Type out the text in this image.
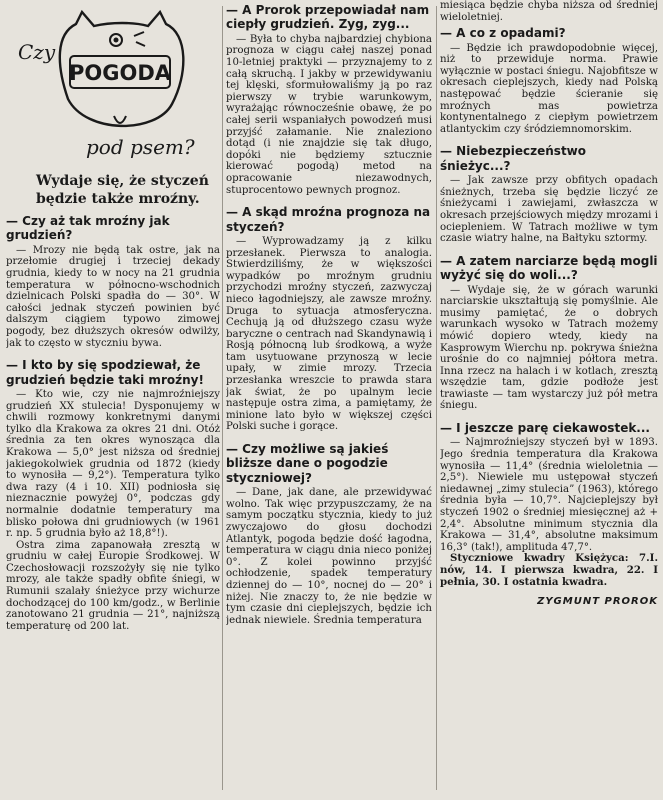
Czy
POGODA
pod psem?
Wydaje się, że styczeń będzie także mroźny.
— Czy aż tak mroźny jak grudzień?

— Mrozy nie będą tak ostre, jak na przełomie drugiej i trzeciej dekady grudnia, kiedy to w nocy na 21 grudnia temperatura w północno-wschodnich dzielnicach Polski spadła do — 30°. W całości jednak styczeń powinien być dalszym ciągiem typowo zimowej pogody, bez dłuższych okresów odwilży, jak to często w styczniu bywa.

— I kto by się spodziewał, że grudzień będzie taki mroźny!

— Kto wie, czy nie najmroźniejszy grudzień XX stulecia! Dysponujemy w chwili rozmowy konkretnymi danymi tylko dla Krakowa za okres 21 dni. Otóż średnia za ten okres wynosząca dla Krakowa — 5,0° jest niższa od średniej jakiegokolwiek grudnia od 1872 (kiedy to wynosiła — 9,2°). Temperatura tylko dwa razy (4 i 10. XII) podniosła się nieznacznie powyżej 0°, podczas gdy normalnie dodatnie temperatury ma blisko połowa dni grudniowych (w 1961 r. np. 5 grudnia było aż 18,8°!).

Ostra zima zapanowała zresztą w grudniu w całej Europie Środkowej. W Czechosłowacji rozszożyły się nie tylko mrozy, ale także spadły obfite śniegi, w Rumunii szalały śnieżyce przy wichurze dochodzącej do 100 km/godz., w Berlinie zanotowano 21 grudnia — 21°, najniższą temperaturę od 200 lat.

— A Prorok przepowiadał nam ciepły grudzień. Zyg, zyg...

— Była to chyba najbardziej chybiona prognoza w ciągu całej naszej ponad 10-letniej praktyki — przyznajemy to z całą skruchą. I jakby w przewidywaniu tej klęski, sformułowaliśmy ją po raz pierwszy w trybie warunkowym, wyrażając równocześnie obawę, że po całej serii wspaniałych powodzeń musi przyjść załamanie. Nie znaleziono dotąd (i nie znajdzie się tak długo, dopóki nie będziemy sztucznie kierować pogodą) metod na opracowanie niezawodnych, stuprocentowo pewnych prognoz.

— A skąd mroźna prognoza na styczeń?

— Wyprowadzamy ją z kilku przesłanek. Pierwsza to analogia. Stwierdziliśmy, że w większości wypadków po mroźnym grudniu przychodzi mroźny styczeń, zazwyczaj nieco łagodniejszy, ale zawsze mroźny. Druga to sytuacja atmosferyczna. Cechują ją od dłuższego czasu wyże baryczne o centrach nad Skandynawią i Rosją północną lub środkową, a wyże tam usytuowane przynoszą w lecie upały, w zimie mrozy. Trzecia przesłanka wreszcie to prawda stara jak świat, że po upalnym lecie następuje ostra zima, a pamiętamy, że minione lato było w większej części Polski suche i gorące.

— Czy możliwe są jakieś bliższe dane o pogodzie styczniowej?

— Dane, jak dane, ale przewidywać wolno. Tak więc przypuszczamy, że na samym początku stycznia, kiedy to już zwyczajowo do głosu dochodzi Atlantyk, pogoda będzie dość łagodna, temperatura w ciągu dnia nieco poniżej 0°. Z kolei powinno przyjść ochłodzenie, spadek temperatury dziennej do — 10°, nocnej do — 20° i niżej. Nie znaczy to, że nie będzie w tym czasie dni cieplejszych, będzie ich jednak niewiele. Średnia temperatura

miesiąca będzie chyba niższa od średniej wieloletniej.

— A co z opadami?

— Będzie ich prawdopodobnie więcej, niż to przewiduje norma. Prawie wyłącznie w postaci śniegu. Najobfitsze w okresach cieplejszych, kiedy nad Polską następować będzie ścieranie się mroźnych mas powietrza kontynentalnego z ciepłym powietrzem atlantyckim czy śródziemnomorskim.

— Niebezpieczeństwo śnieżyc...?

— Jak zawsze przy obfitych opadach śnieżnych, trzeba się będzie liczyć ze śnieżycami i zawiejami, zwłaszcza w okresach przejściowych między mrozami i ociepleniem. W Tatrach możliwe w tym czasie wiatry halne, na Bałtyku sztormy.

— A zatem narciarze będą mogli wyżyć się do woli...?

— Wydaje się, że w górach warunki narciarskie ukształtują się pomyślnie. Ale musimy pamiętać, że o dobrych warunkach wysoko w Tatrach możemy mówić dopiero wtedy, kiedy na Kasprowym Wierchu np. pokrywa śnieżna urośnie do co najmniej półtora metra. Inna rzecz na halach i w kotlach, zresztą wszędzie tam, gdzie podłoże jest trawiaste — tam wystarczy już pół metra śniegu.

— I jeszcze parę ciekawostek...

— Najmroźniejszy styczeń był w 1893. Jego średnia temperatura dla Krakowa wynosiła — 11,4° (średnia wieloletnia — 2,5°). Niewiele mu ustępował styczeń niedawnej „zimy stulecia” (1963), którego średnia była — 10,7°. Najcieplejszy był styczeń 1902 o średniej miesięcznej aż + 2,4°. Absolutne minimum stycznia dla Krakowa — 31,4°, absolutne maksimum 16,3° (tak!), amplituda 47,7°.

Styczniowe kwadry Księżyca: 7.I. nów, 14. I pierwsza kwadra, 22. I pełnia, 30. I ostatnia kwadra.

ZYGMUNT PROROK
